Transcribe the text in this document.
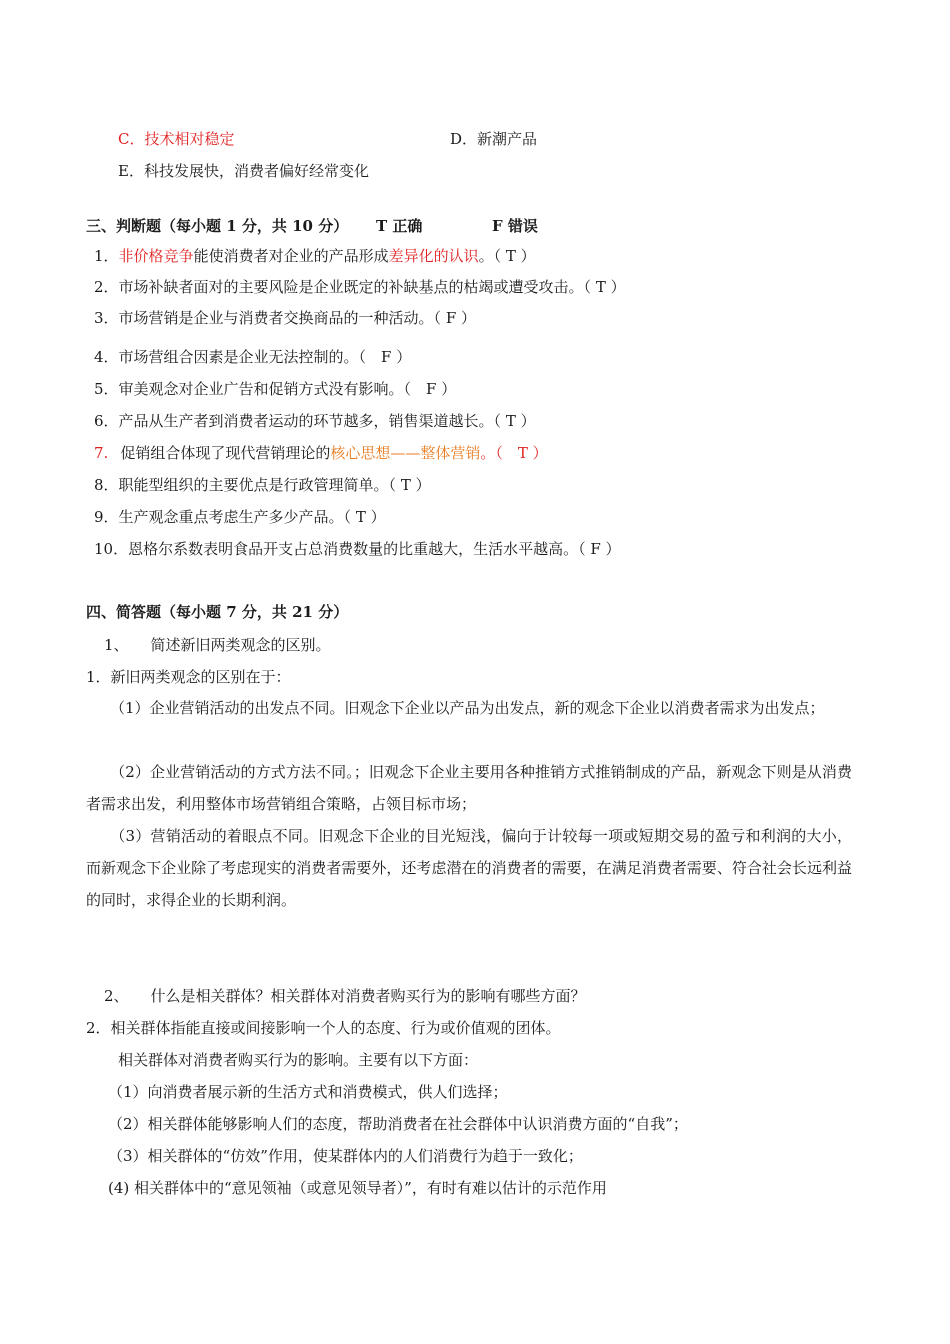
C．技术相对稳定	D．新潮产品
E．科技发展快，消费者偏好经常变化
三、判断题（每小题 1 分，共 10 分） T 正确	F 错误
1．非价格竞争能使消费者对企业的产品形成差异化的认识。（ T ）
2．市场补缺者面对的主要风险是企业既定的补缺基点的枯竭或遭受攻击。（ T ）
3．市场营销是企业与消费者交换商品的一种活动。（ F ）
4．市场营组合因素是企业无法控制的。（　F ）
5．审美观念对企业广告和促销方式没有影响。（　F ）
6．产品从生产者到消费者运动的环节越多，销售渠道越长。（ T ）
7. 促销组合体现了现代营销理论的核心思想——整体营销。（　T ）
8．职能型组织的主要优点是行政管理简单。（ T ）
9．生产观念重点考虑生产多少产品。（ T ）
10．恩格尔系数表明食品开支占总消费数量的比重越大，生活水平越高。（ F ）
四、简答题（每小题 7 分，共 21 分）
1、 简述新旧两类观念的区别。
1．新旧两类观念的区别在于：
（1）企业营销活动的出发点不同。旧观念下企业以产品为出发点，新的观念下企业以消费者需求为出发点；
（2）企业营销活动的方式方法不同。；旧观念下企业主要用各种推销方式推销制成的产品，新观念下则是从消费者需求出发，利用整体市场营销组合策略，占领目标市场；
（3）营销活动的着眼点不同。旧观念下企业的目光短浅，偏向于计较每一项或短期交易的盈亏和利润的大小，而新观念下企业除了考虑现实的消费者需要外，还考虑潜在的消费者的需要，在满足消费者需要、符合社会长远利益的同时，求得企业的长期利润。
2、 什么是相关群体？相关群体对消费者购买行为的影响有哪些方面？
2．相关群体指能直接或间接影响一个人的态度、行为或价值观的团体。
相关群体对消费者购买行为的影响。主要有以下方面：
（1）向消费者展示新的生活方式和消费模式，供人们选择；
（2）相关群体能够影响人们的态度，帮助消费者在社会群体中认识消费方面的“自我”；
（3）相关群体的“仿效”作用，使某群体内的人们消费行为趋于一致化；
(4) 相关群体中的“意见领袖（或意见领导者）”，有时有难以估计的示范作用
